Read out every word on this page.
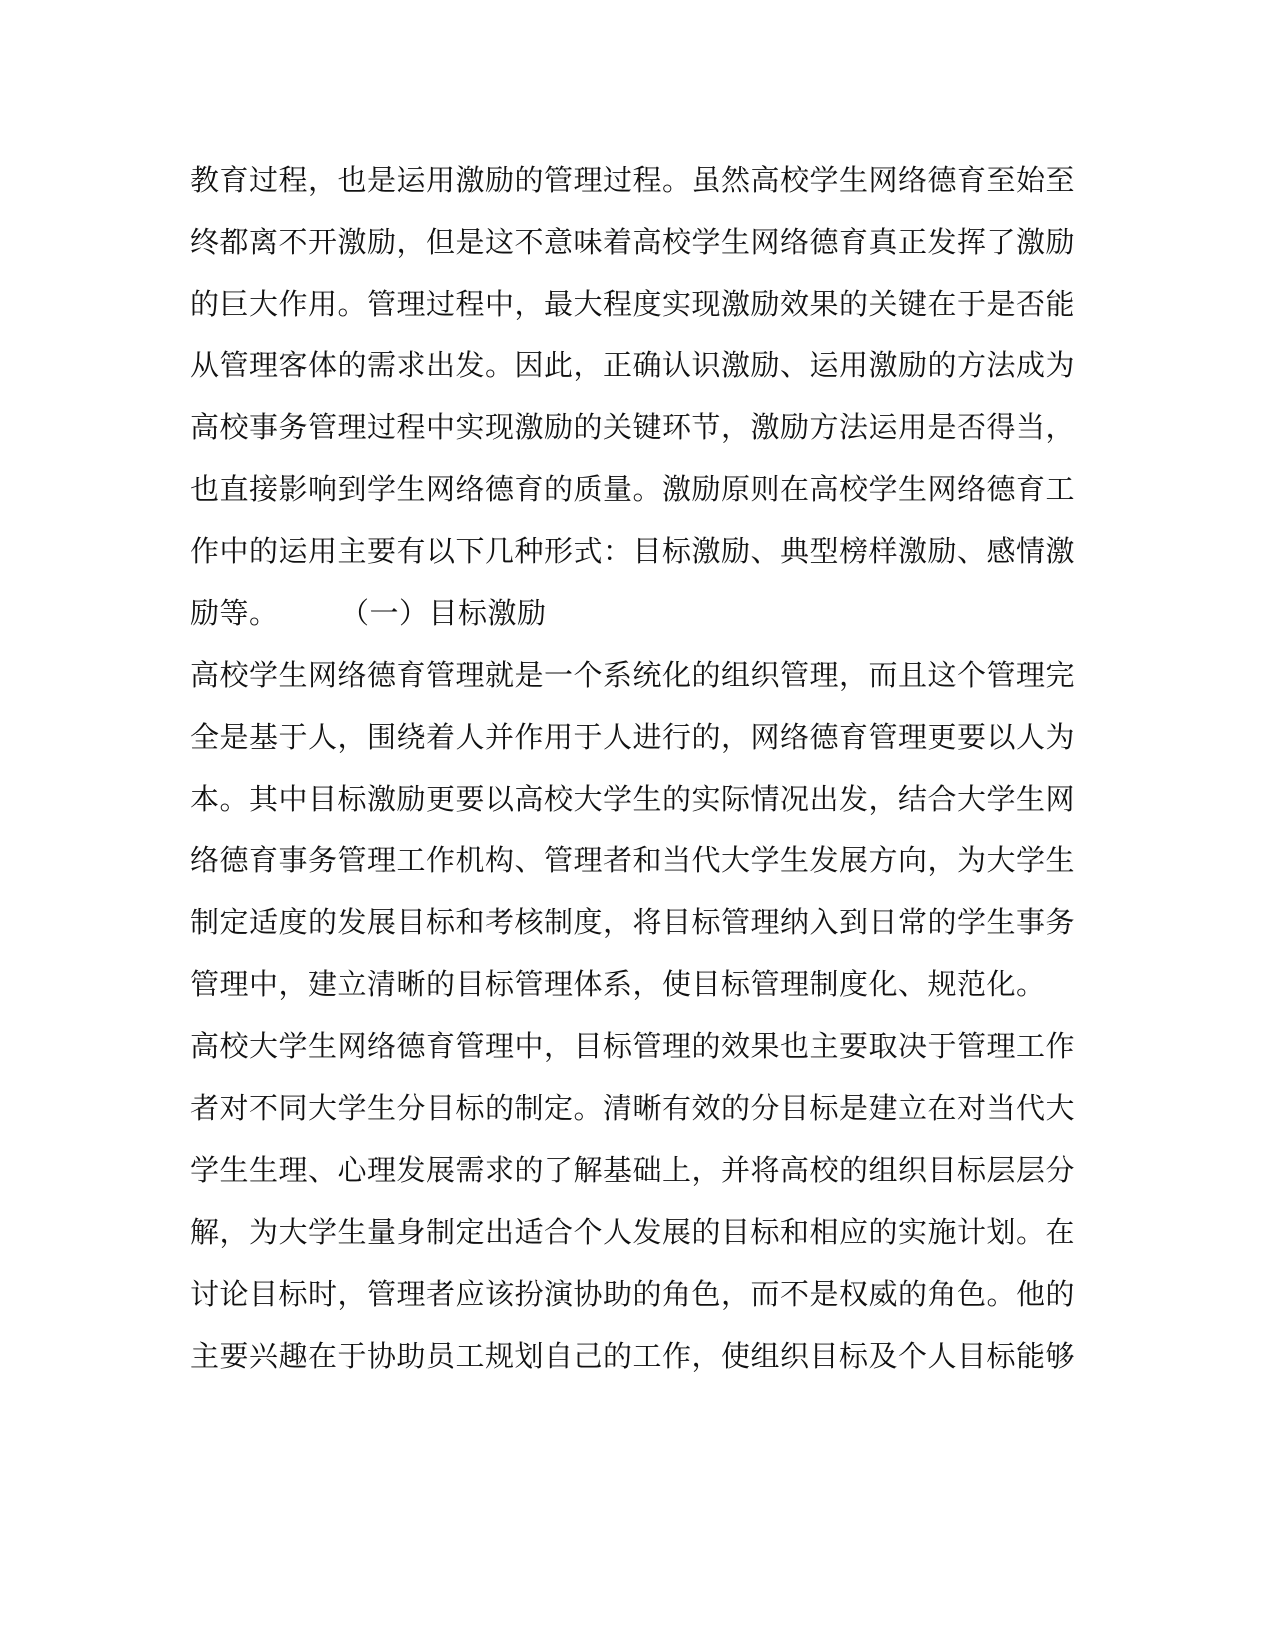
教育过程，也是运用激励的管理过程。虽然高校学生网络德育至始至
终都离不开激励，但是这不意味着高校学生网络德育真正发挥了激励
的巨大作用。管理过程中，最大程度实现激励效果的关键在于是否能
从管理客体的需求出发。因此，正确认识激励、运用激励的方法成为
高校事务管理过程中实现激励的关键环节，激励方法运用是否得当，
也直接影响到学生网络德育的质量。激励原则在高校学生网络德育工
作中的运用主要有以下几种形式：目标激励、典型榜样激励、感情激
励等。 （一）目标激励
高校学生网络德育管理就是一个系统化的组织管理，而且这个管理完
全是基于人，围绕着人并作用于人进行的，网络德育管理更要以人为
本。其中目标激励更要以高校大学生的实际情况出发，结合大学生网
络德育事务管理工作机构、管理者和当代大学生发展方向，为大学生
制定适度的发展目标和考核制度，将目标管理纳入到日常的学生事务
管理中，建立清晰的目标管理体系，使目标管理制度化、规范化。
高校大学生网络德育管理中，目标管理的效果也主要取决于管理工作
者对不同大学生分目标的制定。清晰有效的分目标是建立在对当代大
学生生理、心理发展需求的了解基础上，并将高校的组织目标层层分
解，为大学生量身制定出适合个人发展的目标和相应的实施计划。在
讨论目标时，管理者应该扮演协助的角色，而不是权威的角色。他的
主要兴趣在于协助员工规划自己的工作，使组织目标及个人目标能够
